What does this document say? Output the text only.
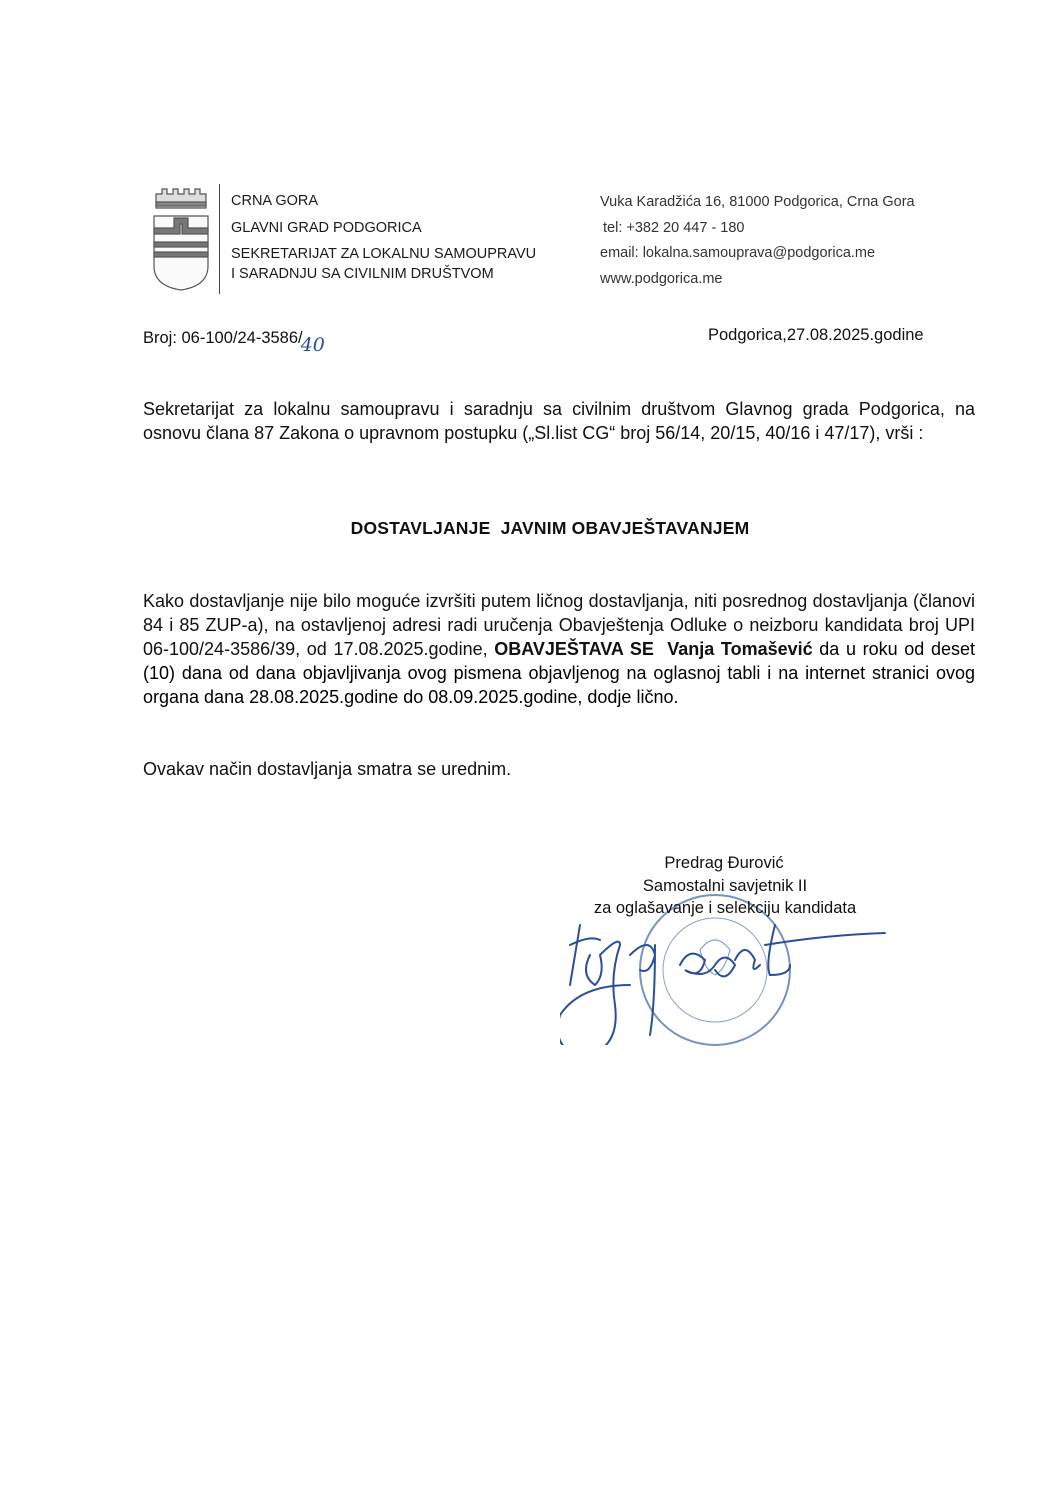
CRNA GORA
GLAVNI GRAD PODGORICA
SEKRETARIJAT ZA LOKALNU SAMOUPRAVU
I SARADNJU SA CIVILNIM DRUŠTVOM
Vuka Karadžića 16, 81000 Podgorica, Crna Gora
tel: +382 20 447 - 180
email: lokalna.samouprava@podgorica.me
www.podgorica.me
Broj: 06-100/24-3586/40	Podgorica,27.08.2025.godine
Sekretarijat za lokalnu samoupravu i saradnju sa civilnim društvom Glavnog grada Podgorica, na osnovu člana 87 Zakona o upravnom postupku („Sl.list CG“ broj 56/14, 20/15, 40/16 i 47/17), vrši :
DOSTAVLJANJE  JAVNIM OBAVJEŠTAVANJEM
Kako dostavljanje nije bilo moguće izvršiti putem ličnog dostavljanja, niti posrednog dostavljanja (članovi 84 i 85 ZUP-a), na ostavljenoj adresi radi uručenja Obavještenja Odluke o neizboru kandidata broj UPI 06-100/24-3586/39, od 17.08.2025.godine, OBAVJEŠTAVA SE Vanja Tomašević da u roku od deset (10) dana od dana objavljivanja ovog pismena objavljenog na oglasnoj tabli i na internet stranici ovog organa dana 28.08.2025.godine do 08.09.2025.godine, dodje lično.
Ovakav način dostavljanja smatra se urednim.
Predrag Đurović
Samostalni savjetnik II
za oglašavanje i selekciju kandidata
